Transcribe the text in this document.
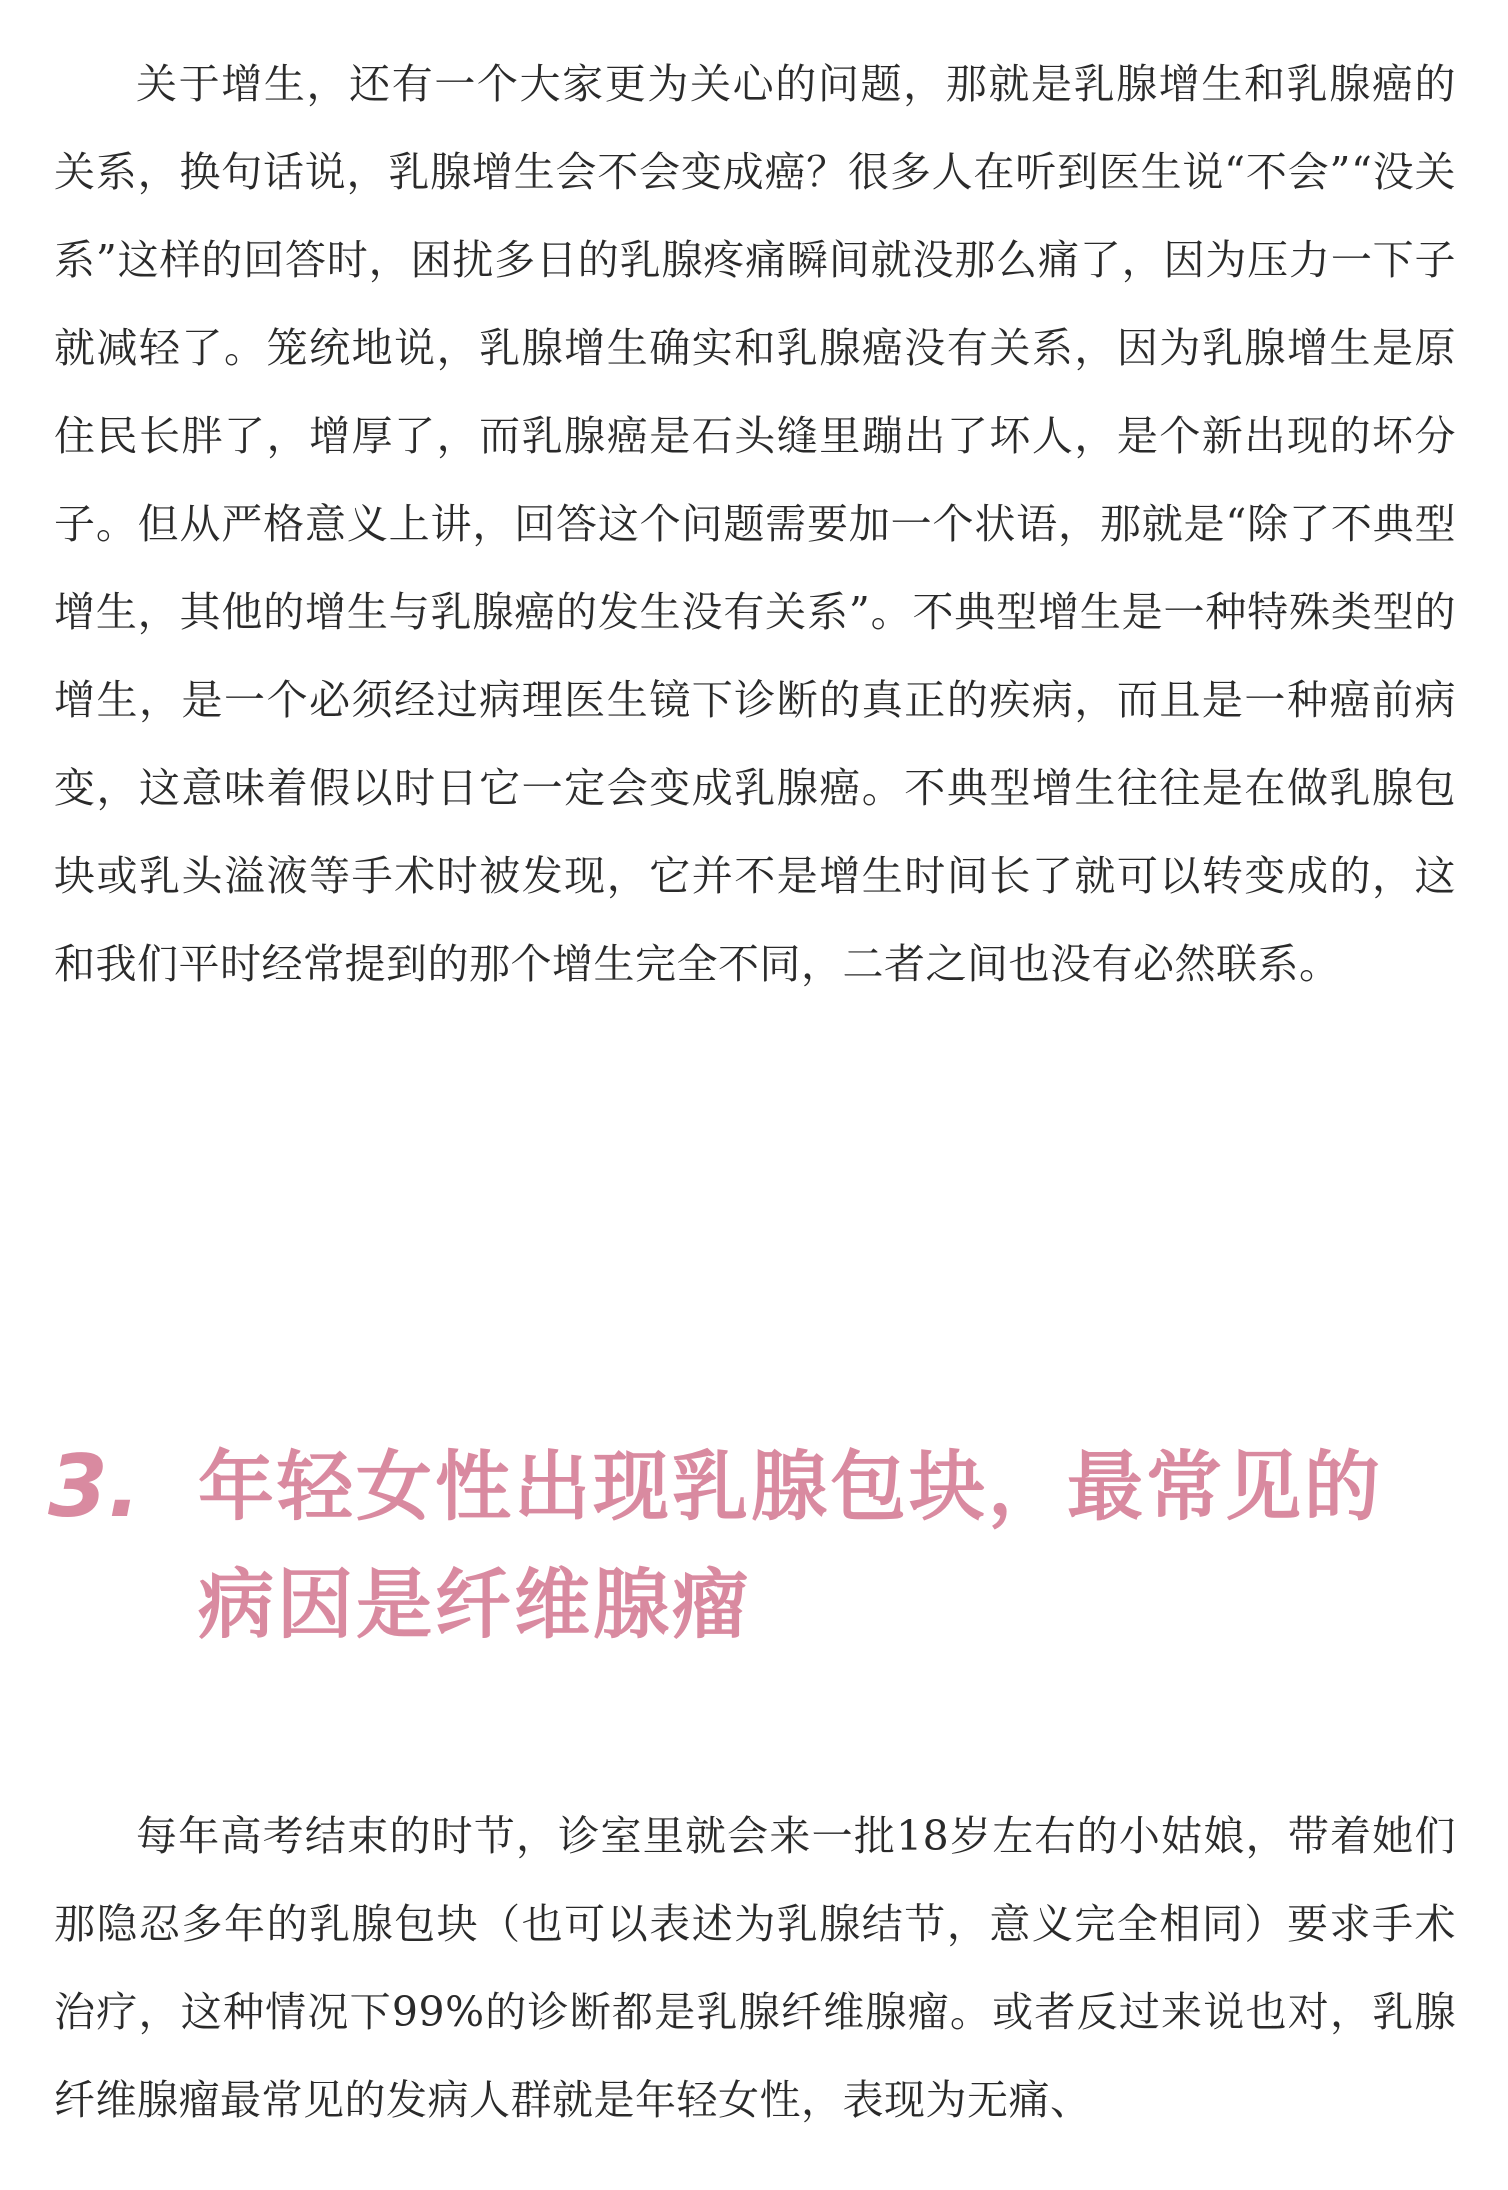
关于增生，还有一个大家更为关心的问题，那就是乳腺增生和乳腺癌的关系，换句话说，乳腺增生会不会变成癌？很多人在听到医生说“不会”“没关系”这样的回答时，困扰多日的乳腺疼痛瞬间就没那么痛了，因为压力一下子就减轻了。笼统地说，乳腺增生确实和乳腺癌没有关系，因为乳腺增生是原住民长胖了，增厚了，而乳腺癌是石头缝里蹦出了坏人，是个新出现的坏分子。但从严格意义上讲，回答这个问题需要加一个状语，那就是“除了不典型增生，其他的增生与乳腺癌的发生没有关系”。不典型增生是一种特殊类型的增生，是一个必须经过病理医生镜下诊断的真正的疾病，而且是一种癌前病变，这意味着假以时日它一定会变成乳腺癌。不典型增生往往是在做乳腺包块或乳头溢液等手术时被发现，它并不是增生时间长了就可以转变成的，这和我们平时经常提到的那个增生完全不同，二者之间也没有必然联系。

3. 年轻女性出现乳腺包块，最常见的
病因是纤维腺瘤

每年高考结束的时节，诊室里就会来一批18岁左右的小姑娘，带着她们那隐忍多年的乳腺包块（也可以表述为乳腺结节，意义完全相同）要求手术治疗，这种情况下99%的诊断都是乳腺纤维腺瘤。或者反过来说也对，乳腺纤维腺瘤最常见的发病人群就是年轻女性，表现为无痛、
